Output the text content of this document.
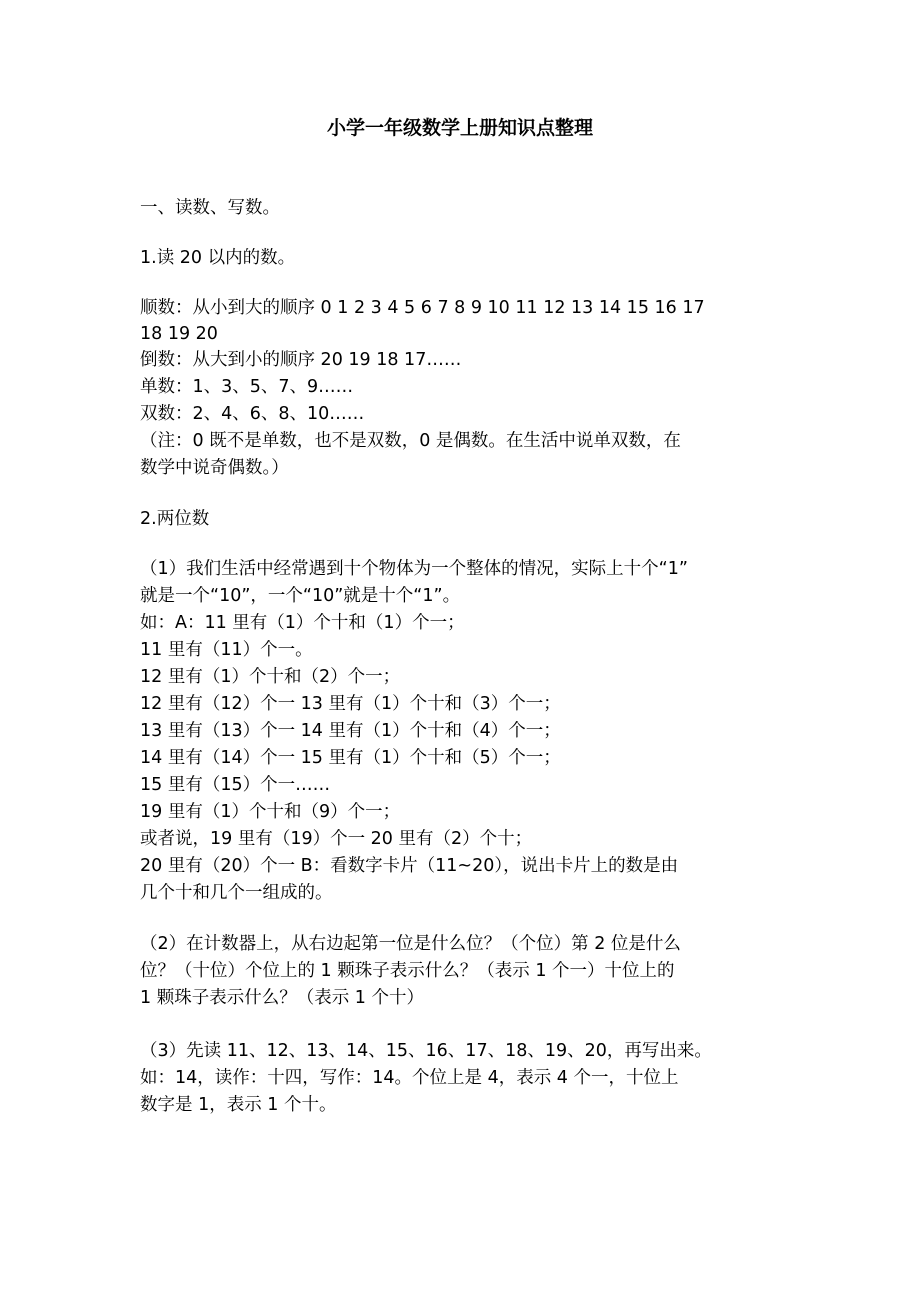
小学一年级数学上册知识点整理
一、读数、写数。
1.读 20 以内的数。
顺数：从小到大的顺序 0 1 2 3 4 5 6 7 8 9 10 11 12 13 14 15 16 17
18 19 20
倒数：从大到小的顺序 20 19 18 17……
单数：1、3、5、7、9……
双数：2、4、6、8、10……
（注：0 既不是单数，也不是双数，0 是偶数。在生活中说单双数，在
数学中说奇偶数。）
2.两位数
（1）我们生活中经常遇到十个物体为一个整体的情况，实际上十个“1”
就是一个“10”，一个“10”就是十个“1”。
如：A：11 里有（1）个十和（1）个一；
11 里有（11）个一。
12 里有（1）个十和（2）个一；
12 里有（12）个一 13 里有（1）个十和（3）个一；
13 里有（13）个一 14 里有（1）个十和（4）个一；
14 里有（14）个一 15 里有（1）个十和（5）个一；
15 里有（15）个一……
19 里有（1）个十和（9）个一；
或者说，19 里有（19）个一 20 里有（2）个十；
20 里有（20）个一 B：看数字卡片（11~20），说出卡片上的数是由
几个十和几个一组成的。
（2）在计数器上，从右边起第一位是什么位？（个位）第 2 位是什么
位？（十位）个位上的 1 颗珠子表示什么？（表示 1 个一）十位上的
1 颗珠子表示什么？（表示 1 个十）
（3）先读 11、12、13、14、15、16、17、18、19、20，再写出来。
如：14，读作：十四，写作：14。个位上是 4，表示 4 个一，十位上
数字是 1，表示 1 个十。
